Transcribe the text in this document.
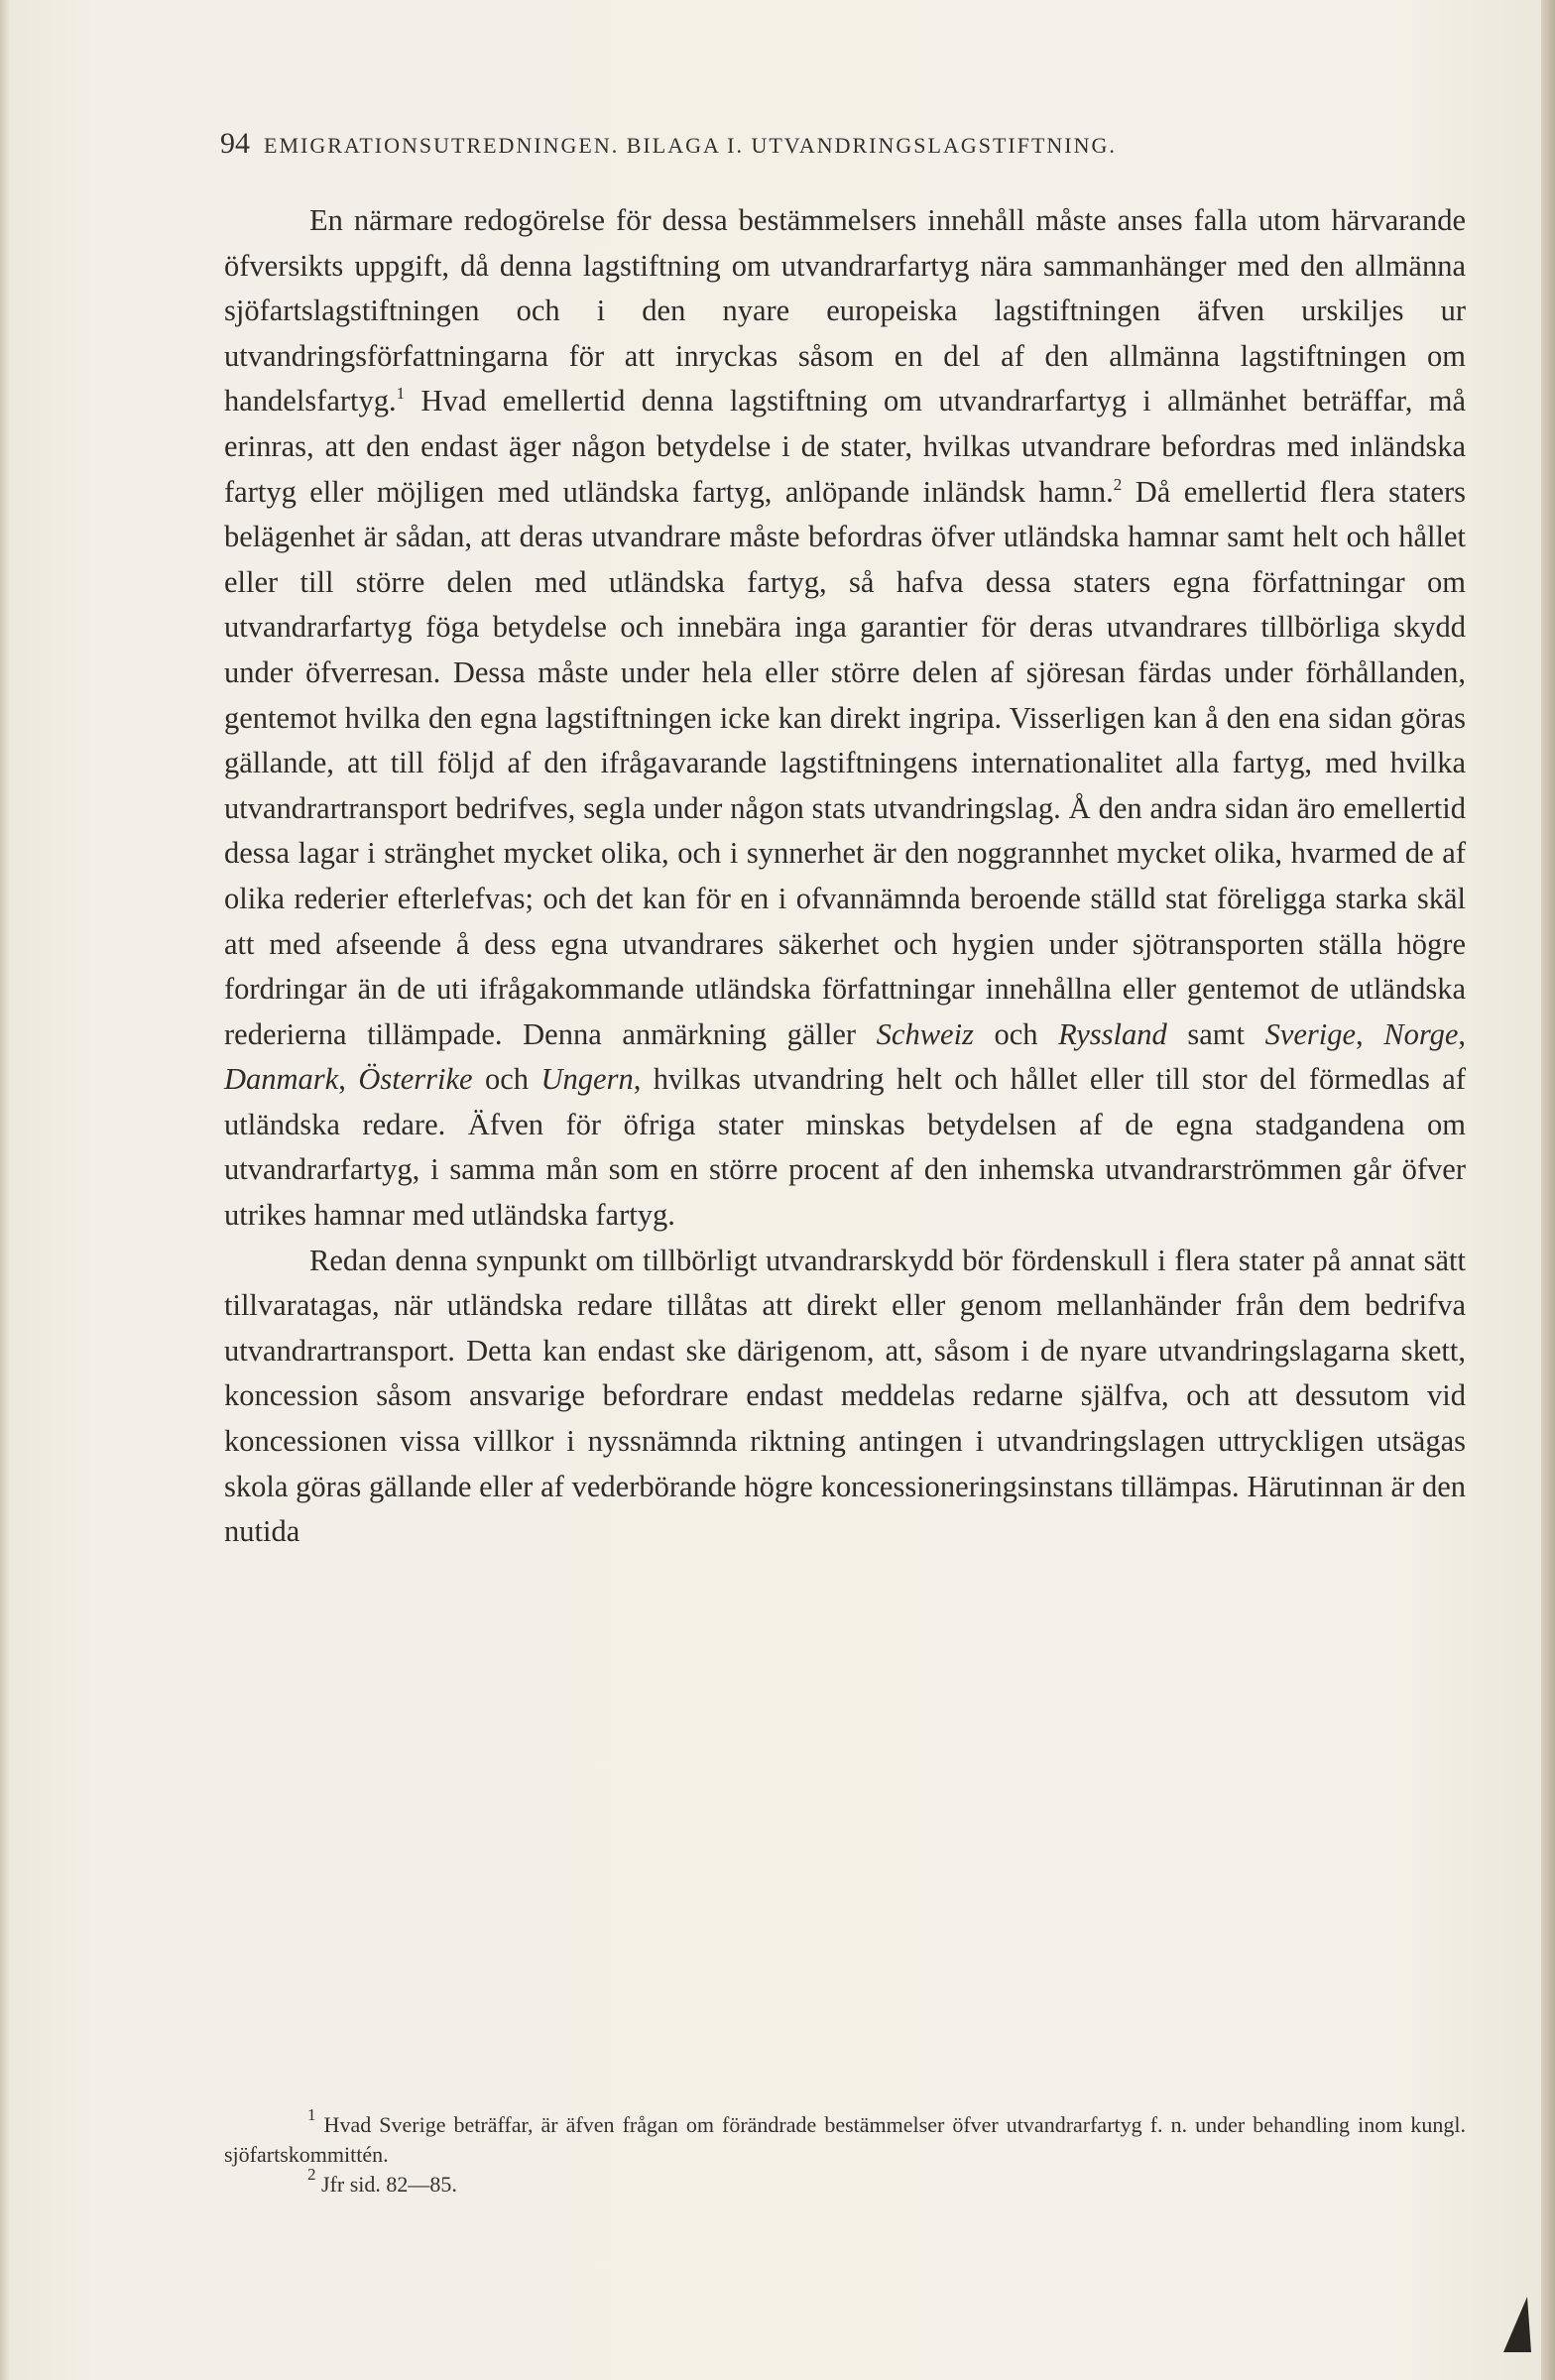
94 EMIGRATIONSUTREDNINGEN. BILAGA I. UTVANDRINGSLAGSTIFTNING.

En närmare redogörelse för dessa bestämmelsers innehåll måste anses falla utom härvarande öfversikts uppgift, då denna lagstiftning om utvandrarfartyg nära sammanhänger med den allmänna sjöfartslagstiftningen och i den nyare europeiska lagstiftningen äfven urskiljes ur utvandringsförfattningarna för att inryckas såsom en del af den allmänna lagstiftningen om handelsfartyg.$^1$ Hvad emellertid denna lagstiftning om utvandrarfartyg i allmänhet beträffar, må erinras, att den endast äger någon betydelse i de stater, hvilkas utvandrare befordras med inländska fartyg eller möjligen med utländska fartyg, anlöpande inländsk hamn.$^2$ Då emellertid flera staters belägenhet är sådan, att deras utvandrare måste befordras öfver utländska hamnar samt helt och hållet eller till större delen med utländska fartyg, så hafva dessa staters egna författningar om utvandrarfartyg föga betydelse och innebära inga garantier för deras utvandrares tillbörliga skydd under öfverresan. Dessa måste under hela eller större delen af sjöresan färdas under förhållanden, gentemot hvilka den egna lagstiftningen icke kan direkt ingripa. Visserligen kan å den ena sidan göras gällande, att till följd af den ifrågavarande lagstiftningens internationalitet alla fartyg, med hvilka utvandrartransport bedrifves, segla under någon stats utvandringslag. Å den andra sidan äro emellertid dessa lagar i stränghet mycket olika, och i synnerhet är den noggrannhet mycket olika, hvarmed de af olika rederier efterlefvas; och det kan för en i ofvannämnda beroende ställd stat föreligga starka skäl att med afseende å dess egna utvandrares säkerhet och hygien under sjötransporten ställa högre fordringar än de uti ifrågakommande utländska författningar innehållna eller gentemot de utländska rederierna tillämpade. Denna anmärkning gäller Schweiz och Ryssland samt Sverige, Norge, Danmark, Österrike och Ungern, hvilkas utvandring helt och hållet eller till stor del förmedlas af utländska redare. Äfven för öfriga stater minskas betydelsen af de egna stadgandena om utvandrarfartyg, i samma mån som en större procent af den inhemska utvandrarströmmen går öfver utrikes hamnar med utländska fartyg.

Redan denna synpunkt om tillbörligt utvandrarskydd bör fördenskull i flera stater på annat sätt tillvaratagas, när utländska redare tillåtas att direkt eller genom mellanhänder från dem bedrifva utvandrartransport. Detta kan endast ske därigenom, att, såsom i de nyare utvandringslagarna skett, koncession såsom ansvarige befordrare endast meddelas redarne själfva, och att dessutom vid koncessionen vissa villkor i nyssnämnda riktning antingen i utvandringslagen uttryckligen utsägas skola göras gällande eller af vederbörande högre koncessioneringsinstans tillämpas. Härutinnan är den nutida

$^1$ Hvad Sverige beträffar, är äfven frågan om förändrade bestämmelser öfver utvandrarfartyg f. n. under behandling inom kungl. sjöfartskommittén.

$^2$ Jfr sid. 82—85.
